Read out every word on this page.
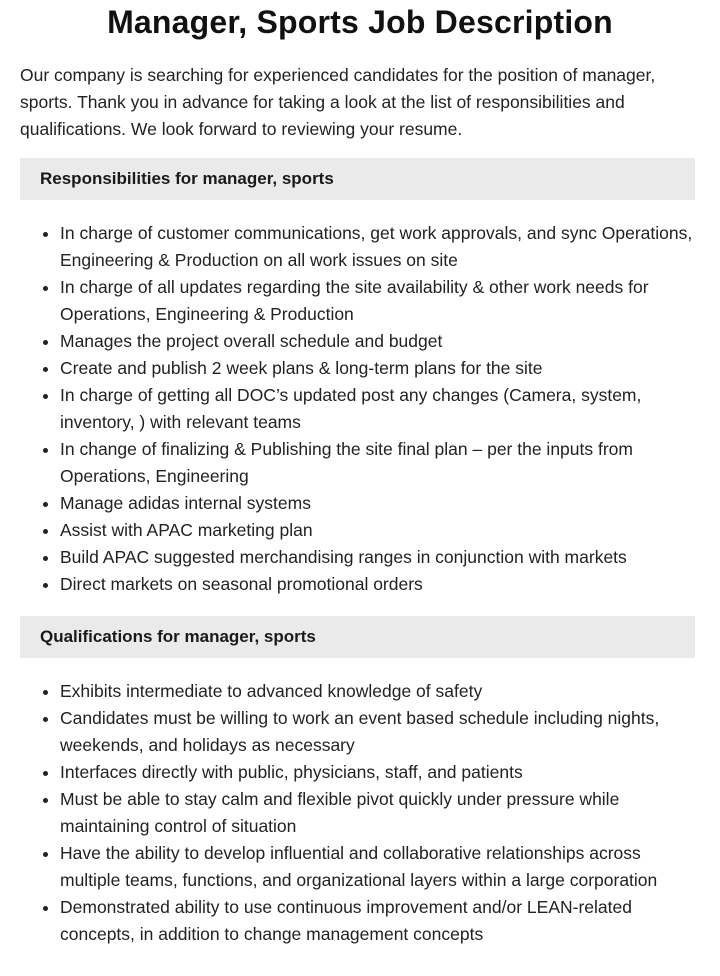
Manager, Sports Job Description

Our company is searching for experienced candidates for the position of manager, sports. Thank you in advance for taking a look at the list of responsibilities and qualifications. We look forward to reviewing your resume.

Responsibilities for manager, sports
• In charge of customer communications, get work approvals, and sync Operations, Engineering & Production on all work issues on site
• In charge of all updates regarding the site availability & other work needs for Operations, Engineering & Production
• Manages the project overall schedule and budget
• Create and publish 2 week plans & long-term plans for the site
• In charge of getting all DOC’s updated post any changes (Camera, system, inventory, ) with relevant teams
• In change of finalizing & Publishing the site final plan – per the inputs from Operations, Engineering
• Manage adidas internal systems
• Assist with APAC marketing plan
• Build APAC suggested merchandising ranges in conjunction with markets
• Direct markets on seasonal promotional orders
Qualifications for manager, sports
• Exhibits intermediate to advanced knowledge of safety
• Candidates must be willing to work an event based schedule including nights, weekends, and holidays as necessary
• Interfaces directly with public, physicians, staff, and patients
• Must be able to stay calm and flexible pivot quickly under pressure while maintaining control of situation
• Have the ability to develop influential and collaborative relationships across multiple teams, functions, and organizational layers within a large corporation
• Demonstrated ability to use continuous improvement and/or LEAN-related concepts, in addition to change management concepts
